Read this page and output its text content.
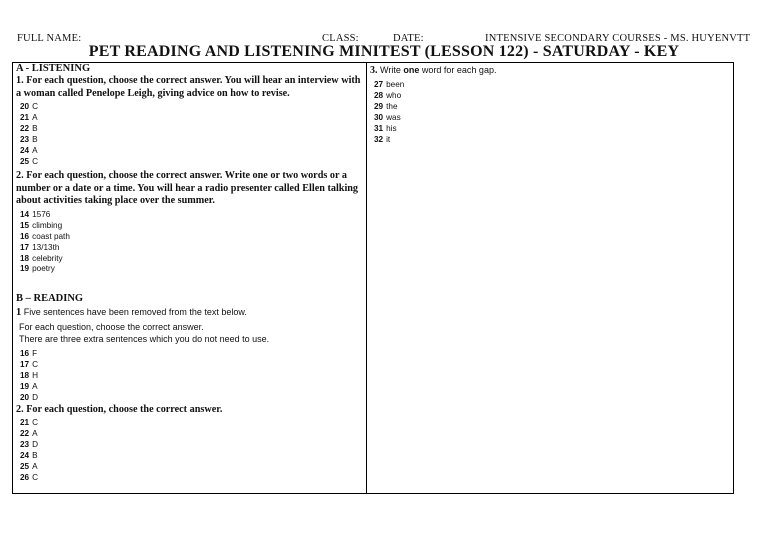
FULL NAME:	CLASS:	DATE:	INTENSIVE SECONDARY COURSES - MS. HUYENVTT
PET READING AND LISTENING MINITEST (LESSON 122) - SATURDAY - KEY
A - LISTENING
1. For each question, choose the correct answer. You will hear an interview with a woman called Penelope Leigh, giving advice on how to revise.
20 C
21 A
22 B
23 B
24 A
25 C
2. For each question, choose the correct answer. Write one or two words or a number or a date or a time. You will hear a radio presenter called Ellen talking about activities taking place over the summer.
14 1576
15 climbing
16 coast path
17 13/13th
18 celebrity
19 poetry
B – READING
1 Five sentences have been removed from the text below.
For each question, choose the correct answer.
There are three extra sentences which you do not need to use.
16 F
17 C
18 H
19 A
20 D
2. For each question, choose the correct answer.
21 C
22 A
23 D
24 B
25 A
26 C
3. Write one word for each gap.
27 been
28 who
29 the
30 was
31 his
32 it
